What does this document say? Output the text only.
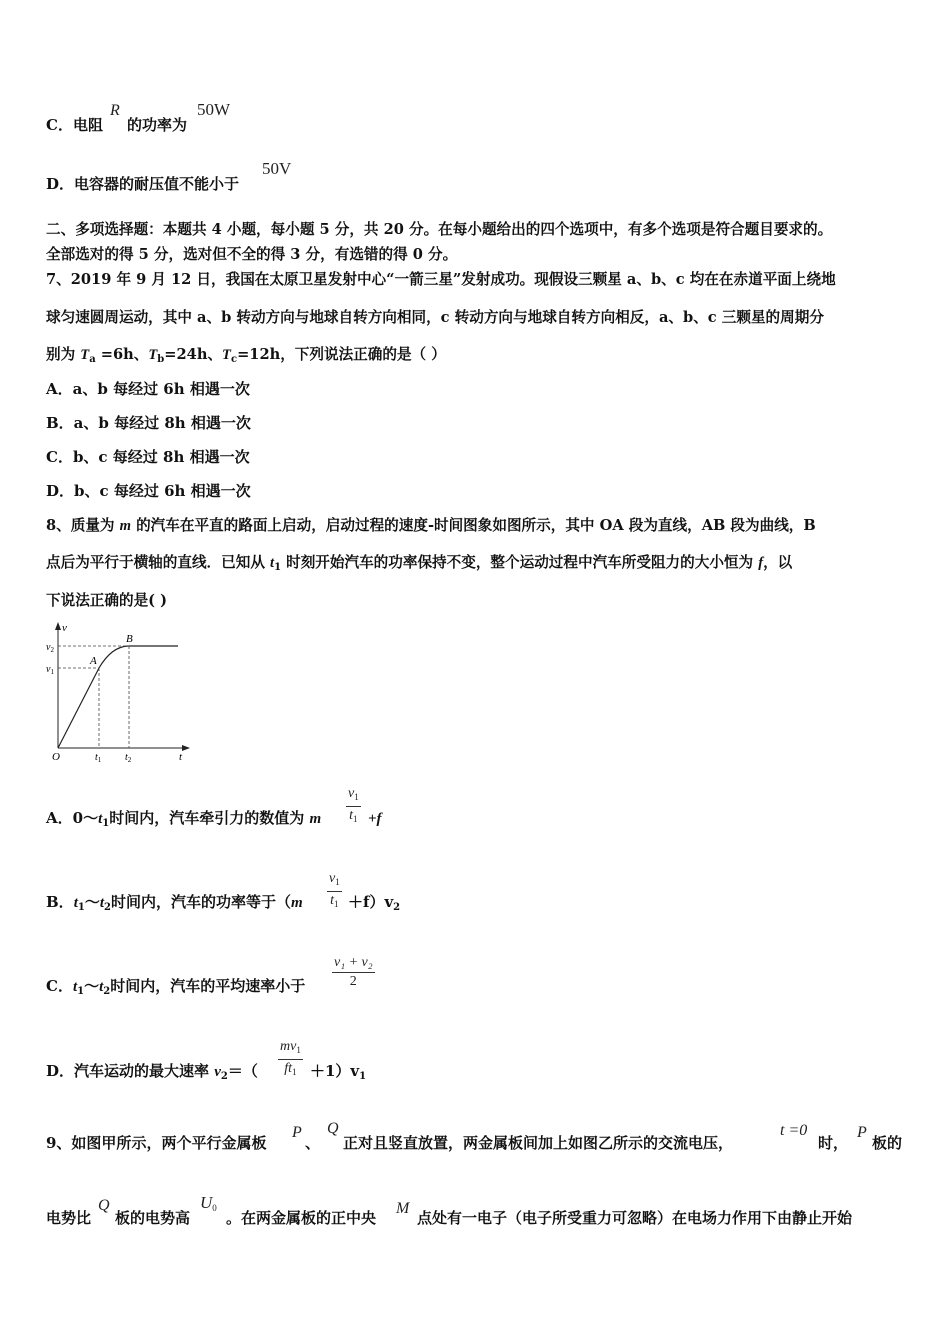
C．电阻
R
的功率为
50W
D．电容器的耐压值不能小于
50V
二、多项选择题：本题共 4 小题，每小题 5 分，共 20 分。在每小题给出的四个选项中，有多个选项是符合题目要求的。
全部选对的得 5 分，选对但不全的得 3 分，有选错的得 0 分。
7、2019 年 9 月 12 日，我国在太原卫星发射中心“一箭三星”发射成功。现假设三颗星 a、b、c 均在在赤道平面上绕地
球匀速圆周运动，其中 a、b 转动方向与地球自转方向相同，c 转动方向与地球自转方向相反，a、b、c 三颗星的周期分
别为 $T_a =6h$、$T_b=24h$、$T_c=12h$，下列说法正确的是（ ）
A．a、b 每经过 6h 相遇一次
B．a、b 每经过 8h 相遇一次
C．b、c 每经过 8h 相遇一次
D．b、c 每经过 6h 相遇一次
8、质量为 m 的汽车在平直的路面上启动，启动过程的速度-时间图象如图所示，其中 OA 段为直线，AB 段为曲线，B
点后为平行于横轴的直线．已知从 $t_1$ 时刻开始汽车的功率保持不变，整个运动过程中汽车所受阻力的大小恒为 f，以
下说法正确的是( )
v
$v_2$
$v_1$
A
B
O	$t_1$ $t_2$	t
A．$0\sim t_1$时间内，汽车牵引力的数值为 m
$v_1$
$t_1 +f$
B．$t_1\sim t_2$时间内，汽车的功率等于（m
$v_1$
$t_1 +f)v_2$
C．$t_1\sim t_2$时间内，汽车的平均速率小于
v₁ + v₂
2
D．汽车运动的最大速率 $v_2=$（
$mv_1$
$ft_1 +1)v_1$
9、如图甲所示，两个平行金属板
P
、
Q
正对且竖直放置，两金属板间加上如图乙所示的交流电压，
t =0
时，
P
板的
电势比
Q
板的电势高
U0
。在两金属板的正中央
M
点处有一电子（电子所受重力可忽略）在电场力作用下由静止开始
